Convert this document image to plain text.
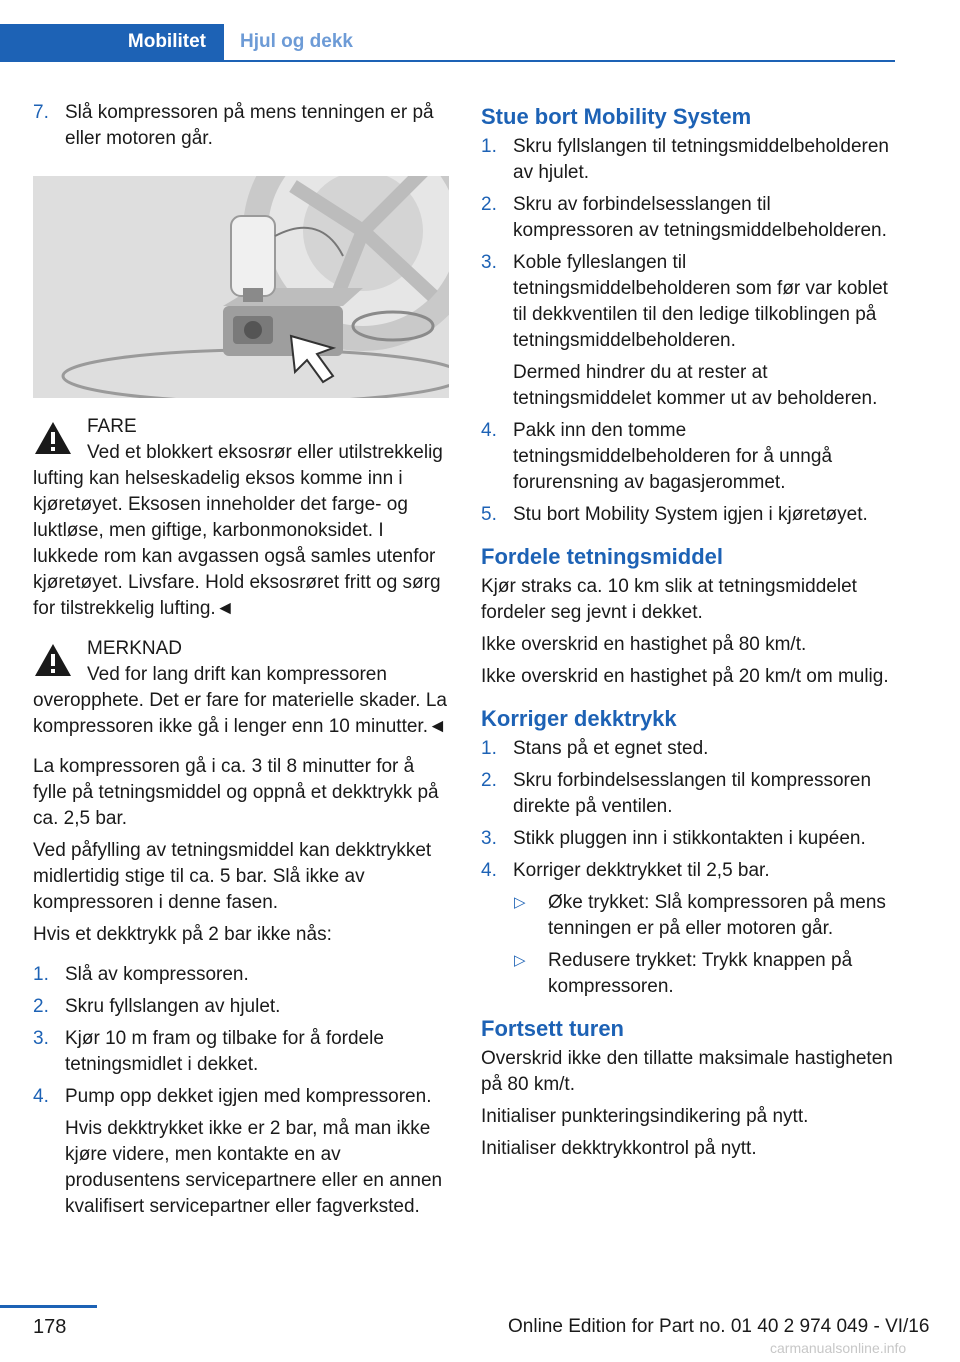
Mobilitet	Hjul og dekk
7. Slå kompressoren på mens tenningen er på eller motoren går.

FARE

Ved et blokkert eksosrør eller utilstrekkelig lufting kan helseskadelig eksos komme inn i kjøretøyet. Eksosen inneholder det farge- og luktløse, men giftige, karbonmonoksidet. I lukkede rom kan avgassen også samles utenfor kjøretøyet. Livsfare. Hold eksosrøret fritt og sørg for tilstrekkelig lufting.◄

MERKNAD

Ved for lang drift kan kompressoren overopphete. Det er fare for materielle skader. La kompressoren ikke gå i lenger enn 10 minutter.◄

La kompressoren gå i ca. 3 til 8 minutter for å fylle på tetningsmiddel og oppnå et dekktrykk på ca. 2,5 bar.

Ved påfylling av tetningsmiddel kan dekktrykket midlertidig stige til ca. 5 bar. Slå ikke av kompressoren i denne fasen.

Hvis et dekktrykk på 2 bar ikke nås:

1. Slå av kompressoren.
2. Skru fyllslangen av hjulet.
3. Kjør 10 m fram og tilbake for å fordele tetningsmidlet i dekket.
4. Pump opp dekket igjen med kompressoren.
Hvis dekktrykket ikke er 2 bar, må man ikke kjøre videre, men kontakte en av produsentens servicepartnere eller en annen kvalifisert servicepartner eller fagverksted.
Stue bort Mobility System
1. Skru fyllslangen til tetningsmiddelbeholderen av hjulet.
2. Skru av forbindelsesslangen til kompressoren av tetningsmiddelbeholderen.
3. Koble fylleslangen til tetningsmiddelbeholderen som før var koblet til dekkventilen til den ledige tilkoblingen på tetningsmiddelbeholderen.
Dermed hindrer du at rester at tetningsmiddelet kommer ut av beholderen.
4. Pakk inn den tomme tetningsmiddelbeholderen for å unngå forurensning av bagasjerommet.
5. Stu bort Mobility System igjen i kjøretøyet.
Fordele tetningsmiddel

Kjør straks ca. 10 km slik at tetningsmiddelet fordeler seg jevnt i dekket.

Ikke overskrid en hastighet på 80 km/t.

Ikke overskrid en hastighet på 20 km/t om mulig.

Korriger dekktrykk
1. Stans på et egnet sted.
2. Skru forbindelsesslangen til kompressoren direkte på ventilen.
3. Stikk pluggen inn i stikkontakten i kupéen.
4. Korriger dekktrykket til 2,5 bar.
▷	Øke trykket: Slå kompressoren på mens tenningen er på eller motoren går.
▷	Redusere trykket: Trykk knappen på kompressoren.
Fortsett turen

Overskrid ikke den tillatte maksimale hastigheten på 80 km/t.

Initialiser punkteringsindikering på nytt.

Initialiser dekktrykkontrol på nytt.

178	Online Edition for Part no. 01 40 2 974 049 - VI/16
carmanualsonline.info
